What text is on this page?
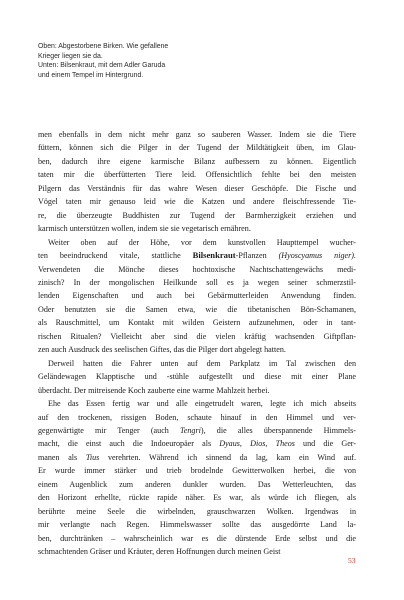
Oben: Abgestorbene Birken. Wie gefallene
Krieger liegen sie da.
Unten: Bilsenkraut, mit dem Adler Garuda
und einem Tempel im Hintergrund.
men ebenfalls in dem nicht mehr ganz so sauberen Wasser. Indem sie die Tiere
füttern, können sich die Pilger in der Tugend der Mildtätigkeit üben, im Glau-
ben, dadurch ihre eigene karmische Bilanz aufbessern zu können. Eigentlich
taten mir die überfütterten Tiere leid. Offensichtlich fehlte bei den meisten
Pilgern das Verständnis für das wahre Wesen dieser Geschöpfe. Die Fische und
Vögel taten mir genauso leid wie die Katzen und andere fleischfressende Tie-
re, die überzeugte Buddhisten zur Tugend der Barmherzigkeit erziehen und
karmisch unterstützen wollen, indem sie sie vegetarisch ernähren.
Weiter oben auf der Höhe, vor dem kunstvollen Haupttempel wucher-
ten beeindruckend vitale, stattliche Bilsenkraut-Pflanzen (Hyoscyamus niger).
Verwendeten die Mönche dieses hochtoxische Nachtschattengewächs medi-
zinisch? In der mongolischen Heilkunde soll es ja wegen seiner schmerzstil-
lenden Eigenschaften und auch bei Gebärmutterleiden Anwendung finden.
Oder benutzten sie die Samen etwa, wie die tibetanischen Bön-Schamanen,
als Rauschmittel, um Kontakt mit wilden Geistern aufzunehmen, oder in tant-
rischen Ritualen? Vielleicht aber sind die vielen kräftig wachsenden Giftpflan-
zen auch Ausdruck des seelischen Giftes, das die Pilger dort abgelegt hatten.
Derweil hatten die Fahrer unten auf dem Parkplatz im Tal zwischen den
Geländewagen Klapptische und -stühle aufgestellt und diese mit einer Plane
überdacht. Der mitreisende Koch zauberte eine warme Mahlzeit herbei.
Ehe das Essen fertig war und alle eingetrudelt waren, legte ich mich abseits
auf den trockenen, rissigen Boden, schaute hinauf in den Himmel und ver-
gegenwärtigte mir Tenger (auch Tengri), die alles überspannende Himmels-
macht, die einst auch die Indoeuropäer als Dyaus, Dios, Theos und die Ger-
manen als Tius verehrten. Während ich sinnend da lag, kam ein Wind auf.
Er wurde immer stärker und trieb brodelnde Gewitterwolken herbei, die von
einem Augenblick zum anderen dunkler wurden. Das Wetterleuchten, das
den Horizont erhellte, rückte rapide näher. Es war, als würde ich fliegen, als
berührte meine Seele die wirbelnden, grauschwarzen Wolken. Irgendwas in
mir verlangte nach Regen. Himmelswasser sollte das ausgedörrte Land la-
ben, durchtränken – wahrscheinlich war es die dürstende Erde selbst und die
schmachtenden Gräser und Kräuter, deren Hoffnungen durch meinen Geist
53
